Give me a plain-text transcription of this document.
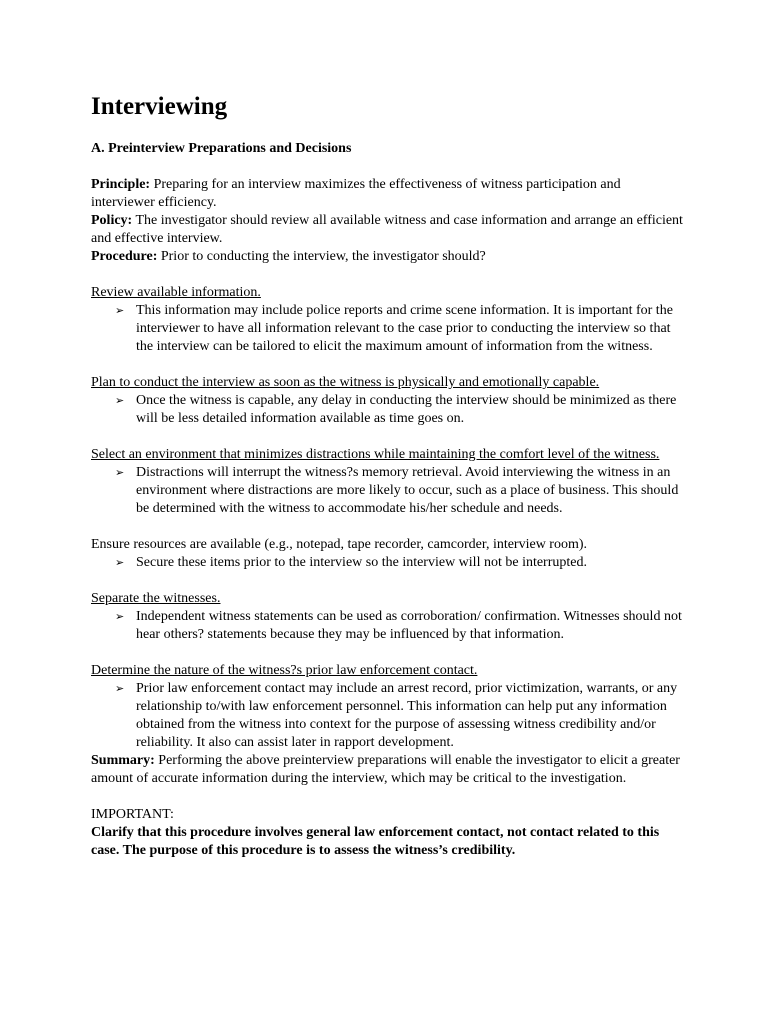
Interviewing
A. Preinterview Preparations and Decisions

Principle: Preparing for an interview maximizes the effectiveness of witness participation and interviewer efficiency.

Policy: The investigator should review all available witness and case information and arrange an efficient and effective interview.

Procedure: Prior to conducting the interview, the investigator should?

Review available information.

➢ This information may include police reports and crime scene information. It is important for the interviewer to have all information relevant to the case prior to conducting the interview so that the interview can be tailored to elicit the maximum amount of information from the witness.

Plan to conduct the interview as soon as the witness is physically and emotionally capable.

➢ Once the witness is capable, any delay in conducting the interview should be minimized as there will be less detailed information available as time goes on.

Select an environment that minimizes distractions while maintaining the comfort level of the witness.

➢ Distractions will interrupt the witness?s memory retrieval. Avoid interviewing the witness in an environment where distractions are more likely to occur, such as a place of business. This should be determined with the witness to accommodate his/her schedule and needs.

Ensure resources are available (e.g., notepad, tape recorder, camcorder, interview room).

➢ Secure these items prior to the interview so the interview will not be interrupted.

Separate the witnesses.

➢ Independent witness statements can be used as corroboration/ confirmation. Witnesses should not hear others? statements because they may be influenced by that information.

Determine the nature of the witness?s prior law enforcement contact.

➢ Prior law enforcement contact may include an arrest record, prior victimization, warrants, or any relationship to/with law enforcement personnel. This information can help put any information obtained from the witness into context for the purpose of assessing witness credibility and/or reliability. It also can assist later in rapport development.

Summary: Performing the above preinterview preparations will enable the investigator to elicit a greater amount of accurate information during the interview, which may be critical to the investigation.

IMPORTANT:

Clarify that this procedure involves general law enforcement contact, not contact related to this case. The purpose of this procedure is to assess the witness’s credibility.
